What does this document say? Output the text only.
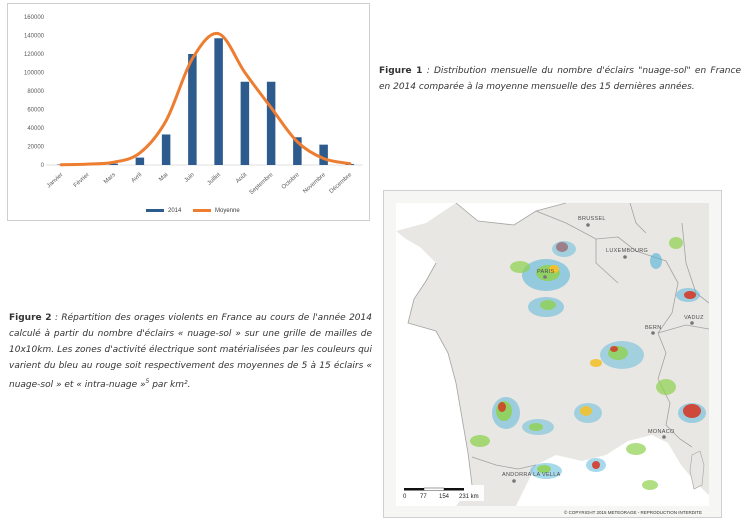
0
20000
40000
60000
80000
100000
120000
140000
160000
Janvier Février Mars Avril	Mai Juin Juillet Août Septembre Octobre Novembre Décembre
2014	Moyenne
Figure 1 : Distribution mensuelle du nombre d'éclairs "nuage-sol" en France en 2014 comparée à la moyenne mensuelle des 15 dernières années.
Figure 2 : Répartition des orages violents en France au cours de l'année 2014 calculé à partir du nombre d'éclairs « nuage-sol » sur une grille de mailles de 10x10km. Les zones d'activité électrique sont matérialisées par les couleurs qui varient du bleu au rouge soit respectivement des moyennes de 5 à 15 éclairs « nuage-sol » et « intra-nuage »$^5$ par km².
BRUSSEL
LUXEMBOURG
PARIS
BERN
VADUZ
MONACO
ANDORRA LA VELLA
0 77 154 231 km
© COPYRIGHT 2015 METEORAGE - REPRODUCTION INTERDITE
